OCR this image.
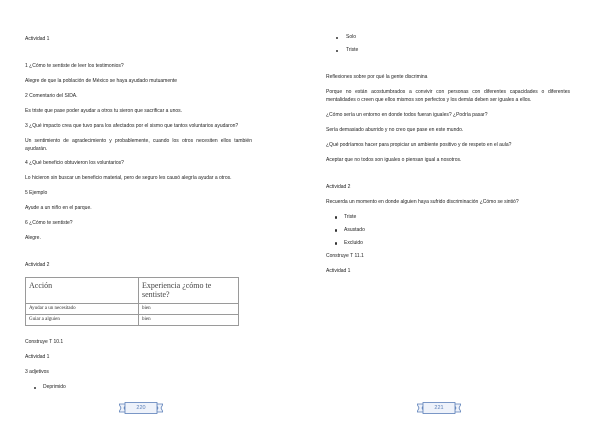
Actividad 1

1 ¿Cómo te sentiste de leer los testimonios?

Alegre de que la población de México se haya ayudado mutuamente

2 Comentario del SIDA.

Es triste que pase poder ayudar a otros tu sieron que sacrificar a unos.

3 ¿Qué impacto crea que tuvo para los afectados por el sismo que tantos voluntarios ayudaron?

Un sentimiento de agradecimiento y probablemente, cuando los otros necesiten ellos también ayudarán.

4 ¿Qué beneficio obtuvieron los voluntarios?

Lo hicieron sin buscar un beneficio material, pero de seguro les causó alegría ayudar a otros.

5 Ejemplo

Ayude a un niño en el parque.

6 ¿Cómo te sentiste?

Alegre.

Actividad 2

Acción	Experiencia ¿cómo te sentiste?
Ayudar a un necesitado	bien
Guiar a alguien	bien

Construye T 10.1

Actividad 1

3 adjetivos

Deprimido
220
Solo
Triste

Reflexiones sobre por qué la gente discrimina

Porque no están acostumbrados a convivir con personas con diferentes capacidades o diferentes mentalidades o creen que ellos mismos son perfectos y los demás deben ser iguales a ellos.

¿Cómo sería un entorno en donde todos fueran iguales? ¿Podría pasar?

Sería demasiado aburrido y no creo que pase en este mundo.

¿Qué podríamos hacer para propiciar un ambiente positivo y de respeto en el aula?

Aceptar que no todos son iguales o piensan igual a nosotros.

Actividad 2

Recuerda un momento en donde alguien haya sufrido discriminación ¿Cómo se sintió?

Triste
Asustado
Excluido

Construye T 11.1

Actividad 1

221
